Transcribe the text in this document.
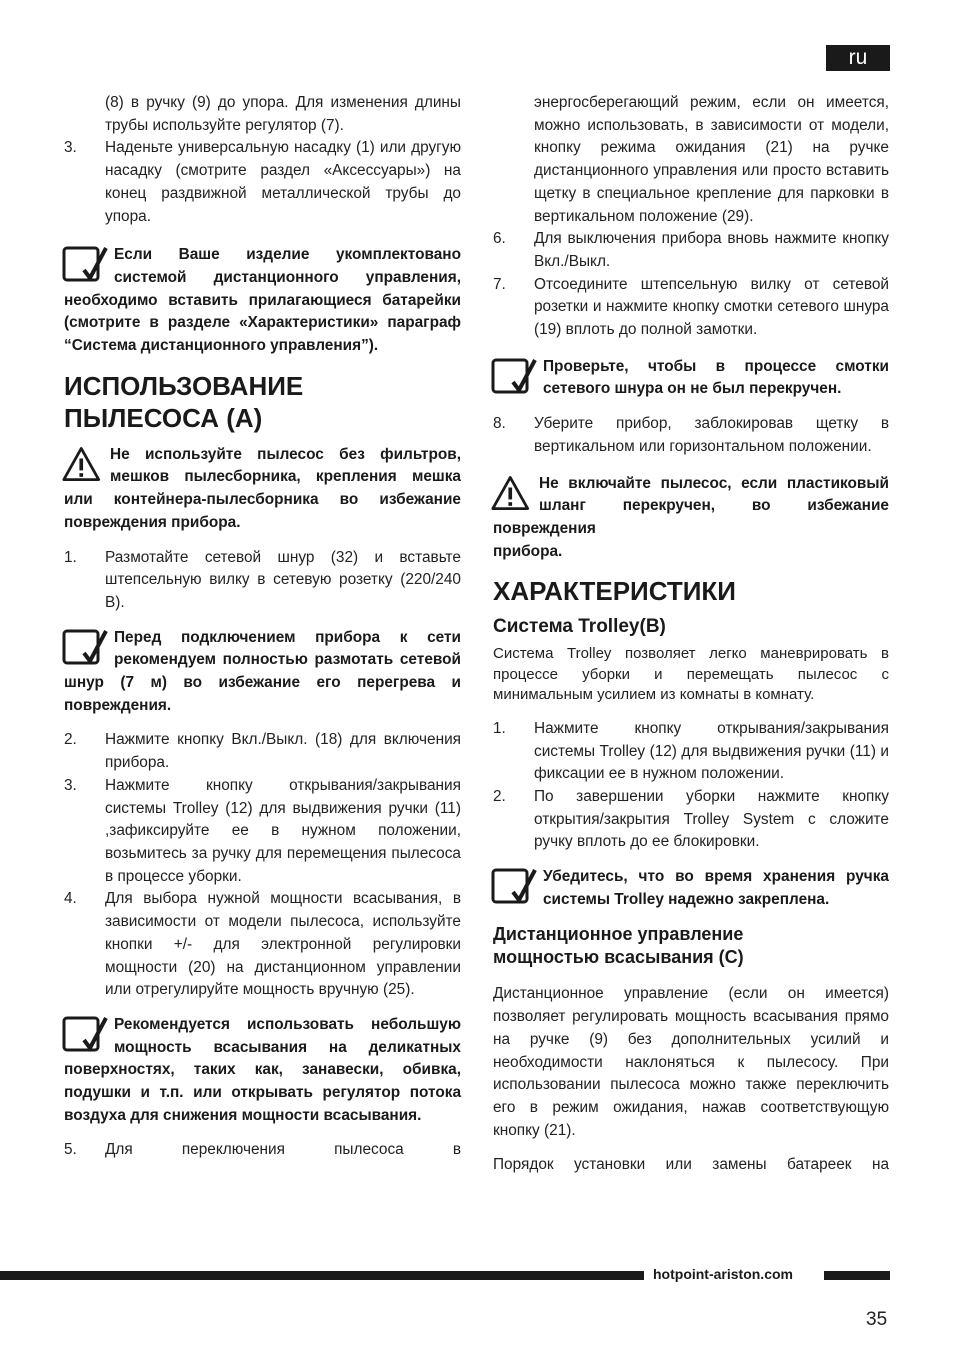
ru

(8) в ручку (9) до упора. Для изменения длины трубы используйте регулятор (7).

3. Наденьте универсальную насадку (1) или другую насадку (смотрите раздел «Аксессуары») на конец раздвижной металлической трубы до упора.
Если Ваше изделие укомплектовано системой дистанционного управления, необходимо вставить прилагающиеся батарейки (смотрите в разделе «Характеристики» параграф “Система дистанционного управления”).
ИСПОЛЬЗОВАНИЕ
ПЫЛЕСОСА (A)
Не используйте пылесос без фильтров, мешков пылесборника, крепления мешка или контейнера-пылесборника во избежание повреждения прибора.
1. Размотайте сетевой шнур (32) и вставьте штепсельную вилку в сетевую розетку (220/240 В).
Перед подключением прибора к сети рекомендуем полностью размотать сетевой шнур (7 м) во избежание его перегрева и повреждения.
2. Нажмите кнопку Вкл./Выкл. (18) для включения прибора.
3. Нажмите кнопку открывания/закрывания системы Trolley (12) для выдвижения ручки (11) ,зафиксируйте ее в нужном положении, возьмитесь за ручку для перемещения пылесоса в процессе уборки.
4. Для выбора нужной мощности всасывания, в зависимости от модели пылесоса, используйте кнопки +/- для электронной регулировки мощности (20) на дистанционном управлении или отрегулируйте мощность вручную (25).
Рекомендуется использовать небольшую мощность всасывания на деликатных поверхностях, таких как, занавески, обивка, подушки и т.п. или открывать регулятор потока воздуха для снижения мощности всасывания.
5. Для переключения пылесоса в

энергосберегающий режим, если он имеется, можно использовать, в зависимости от модели, кнопку режима ожидания (21) на ручке дистанционного управления или просто вставить щетку в специальное крепление для парковки в вертикальном положение (29).

6. Для выключения прибора вновь нажмите кнопку Вкл./Выкл.
7. Отсоедините штепсельную вилку от сетевой розетки и нажмите кнопку смотки сетевого шнура (19) вплоть до полной замотки.
Проверьте, чтобы в процессе смотки сетевого шнура он не был перекручен.
8. Уберите прибор, заблокировав щетку в вертикальном или горизонтальном положении.
Не включайте пылесос, если пластиковый шланг перекручен, во избежание повреждения
прибора.
ХАРАКТЕРИСТИКИ
Система Trolley(B)

Система Trolley позволяет легко маневрировать в процессе уборки и перемещать пылесос с минимальным усилием из комнаты в комнату.

1. Нажмите кнопку открывания/закрывания системы Trolley (12) для выдвижения ручки (11) и фиксации ее в нужном положении.
2. По завершении уборки нажмите кнопку открытия/закрытия Trolley System с сложите ручку вплоть до ее блокировки.
Убедитесь, что во время хранения ручка системы Trolley надежно закреплена.
Дистанционное управление
мощностью всасывания (C)

Дистанционное управление (если он имеется) позволяет регулировать мощность всасывания прямо на ручке (9) без дополнительных усилий и необходимости наклоняться к пылесосу. При использовании пылесоса можно также переключить его в режим ожидания, нажав соответствующую кнопку (21).

Порядок установки или замены батареек на

hotpoint-ariston.com
35
